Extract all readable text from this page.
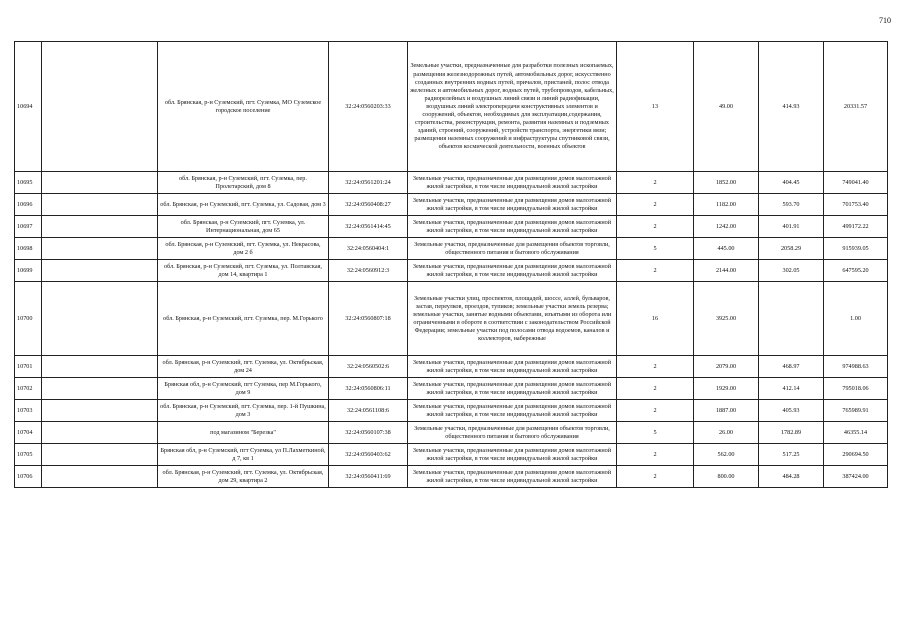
710
10694		обл. Брянская, р-н Суземский, пгт. Суземка, МО Суземское городское поселение	32:24:0560203:33	Земельные участки, предназначенные для разработки полезных ископаемых, размещения железнодорожных путей, автомобильных дорог, искусственно созданных внутренних водных путей, причалов, пристаней, полос отвода железных и автомобильных дорог, водных путей, трубопроводов, кабельных, радиорелейных и воздушных линий связи и линий радиофикации, воздушных линий электропередачи конструктивных элементов и сооружений, объектов, необходимых для эксплуатации,содержания, строительства, реконструкции, ремонта, развития наземных и подземных зданий, строений, сооружений, устройств транспорта, энергетики вязи; размещения наземных сооружений и инфраструктуры спутниковой связи, объектов космической деятельности, военных объектов	13	49.00	414.93	20331.57
10695		обл. Брянская, р-н Суземский, пгт. Суземка, пер. Пролетарский, дом 8	32:24:0561201:24	Земельные участки, предназначенные для размещения домов малоэтажной жилой застройки, в том числе индивидуальной жилой застройки	2	1852.00	404.45	749041.40
10696		обл. Брянская, р-н Суземский, пгт. Суземка, ул. Садовая, дом 3	32:24:0560408:27	Земельные участки, предназначенные для размещения домов малоэтажной жилой застройки, в том числе индивидуальной жилой застройки	2	1182.00	593.70	701753.40
10697		обл. Брянская, р-н Суземский, пгт. Суземка, ул. Интернациональная, дом 65	32:24:0561414:45	Земельные участки, предназначенные для размещения домов малоэтажной жилой застройки, в том числе индивидуальной жилой застройки	2	1242.00	401.91	499172.22
10698		обл. Брянская, р-н Суземский, пгт. Суземка, ул. Некрасова, дом 2 б	32:24:0560404:1	Земельные участки, предназначенные для размещения объектов торговли, общественного питания и бытового обслуживания	5	445.00	2058.29	915939.05
10699		обл. Брянская, р-н Суземский, пгт. Суземка, ул. Полтавская, дом 14, квартира 1	32:24:0560912:3	Земельные участки, предназначенные для размещения домов малоэтажной жилой застройки, в том числе индивидуальной жилой застройки	2	2144.00	302.05	647595.20
10700		обл. Брянская, р-н Суземский, пгт. Суземка, пер. М.Горького	32:24:0560807:18	Земельные участки улиц, проспектов, площадей, шоссе, аллей, бульваров, застав, переулков, проездов, тупиков; земельные участки земель резерва; земельные участки, занятые водными объектами, изъятыми из оборота или ограниченными в обороте в соответствии с законодательством Российской Федерации; земельные участки под полосами отвода водоемов, каналов и коллекторов, набережные	16	3925.00		1.00
10701		обл. Брянская, р-н Суземский, пгт. Суземка, ул. Октябрьская, дом 24	32:24:0560502:6	Земельные участки, предназначенные для размещения домов малоэтажной жилой застройки, в том числе индивидуальной жилой застройки	2	2079.00	468.97	974988.63
10702		Брянская обл, р-н Суземский, пгт Суземка, пер М.Горького, дом 9	32:24:0560806:11	Земельные участки, предназначенные для размещения домов малоэтажной жилой застройки, в том числе индивидуальной жилой застройки	2	1929.00	412.14	795018.06
10703		обл. Брянская, р-н Суземский, пгт. Суземка, пер. 1-й Пушкина, дом 3	32:24:0561108:6	Земельные участки, предназначенные для размещения домов малоэтажной жилой застройки, в том числе индивидуальной жилой застройки	2	1887.00	405.93	765989.91
10704		под магазином "Березка"	32:24:0560107:38	Земельные участки, предназначенные для размещения объектов торговли, общественного питания и бытового обслуживания	5	26.00	1782.89	46355.14
10705		Брянская обл, р-н Суземский, пгт Суземка, ул П.Лахметкиной, д 7, кв 1	32:24:0560403:62	Земельные участки, предназначенные для размещения домов малоэтажной жилой застройки, в том числе индивидуальной жилой застройки	2	562.00	517.25	290694.50
10706		обл. Брянская, р-н Суземский, пгт. Суземка, ул. Октябрьская, дом 29, квартира 2	32:24:0560411:69	Земельные участки, предназначенные для размещения домов малоэтажной жилой застройки, в том числе индивидуальной жилой застройки	2	800.00	484.28	387424.00
